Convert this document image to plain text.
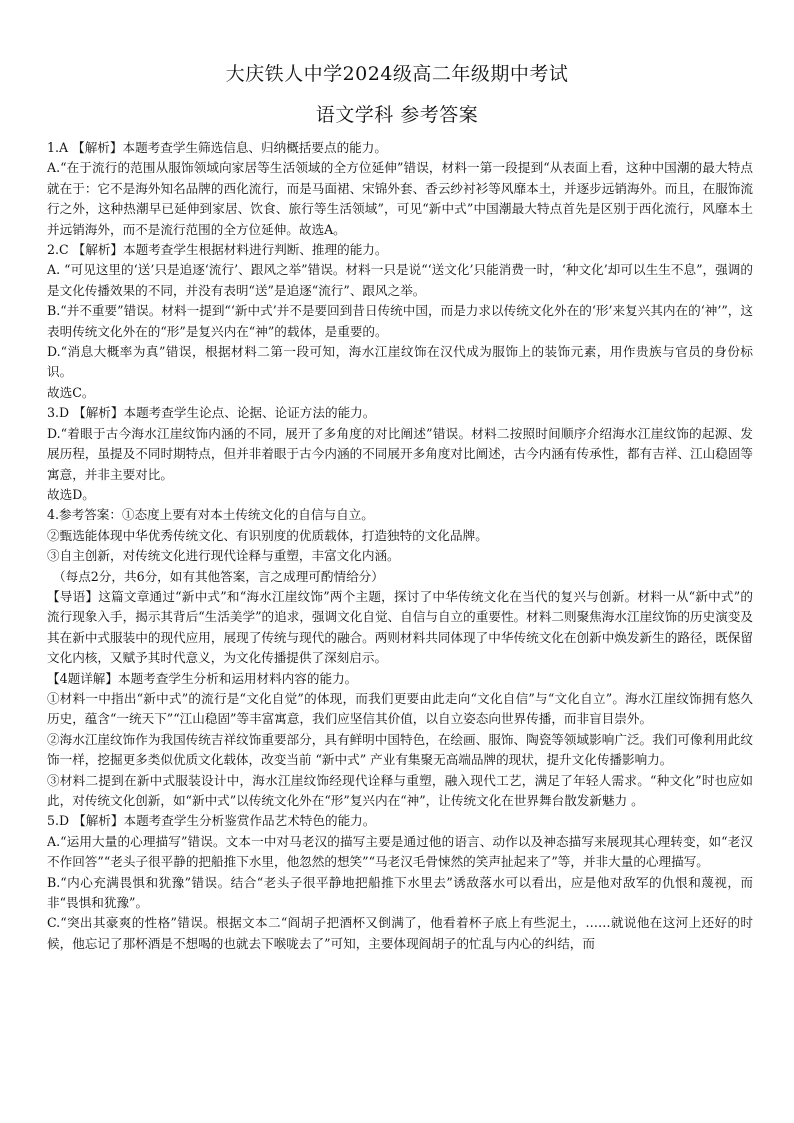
大庆铁人中学2024级高二年级期中考试
语文学科 参考答案

1.A 【解析】本题考查学生筛选信息、归纳概括要点的能力。

A.“在于流行的范围从服饰领域向家居等生活领域的全方位延伸”错误，材料一第一段提到“从表面上看，这种中国潮的最大特点就在于：它不是海外知名品牌的西化流行，而是马面裙、宋锦外套、香云纱衬衫等风靡本土，并逐步远销海外。而且，在服饰流行之外，这种热潮早已延伸到家居、饮食、旅行等生活领域”，可见“新中式”中国潮最大特点首先是区别于西化流行，风靡本土并远销海外，而不是流行范围的全方位延伸。故选A。

2.C 【解析】本题考查学生根据材料进行判断、推理的能力。

A. “可见这里的‘送’只是追逐‘流行’、跟风之举”错误。材料一只是说“‘送文化’只能消费一时，‘种文化’却可以生生不息”，强调的是文化传播效果的不同，并没有表明“送”是追逐“流行”、跟风之举。

B.“并不重要”错误。材料一提到“‘新中式’并不是要回到昔日传统中国，而是力求以传统文化外在的‘形’来复兴其内在的‘神’”，这表明传统文化外在的“形”是复兴内在“神”的载体，是重要的。

D.“消息大概率为真”错误，根据材料二第一段可知，海水江崖纹饰在汉代成为服饰上的装饰元素，用作贵族与官员的身份标识。

故选C。

3.D 【解析】本题考查学生论点、论据、论证方法的能力。

D.“着眼于古今海水江崖纹饰内涵的不同，展开了多角度的对比阐述”错误。材料二按照时间顺序介绍海水江崖纹饰的起源、发展历程，虽提及不同时期特点，但并非着眼于古今内涵的不同展开多角度对比阐述，古今内涵有传承性，都有吉祥、江山稳固等寓意，并非主要对比。

故选D。

4.参考答案：①态度上要有对本土传统文化的自信与自立。

②甄选能体现中华优秀传统文化、有识别度的优质载体，打造独特的文化品牌。

③自主创新，对传统文化进行现代诠释与重塑，丰富文化内涵。

（每点2分，共6分，如有其他答案，言之成理可酌情给分）

【导语】这篇文章通过“新中式”和“海水江崖纹饰”两个主题，探讨了中华传统文化在当代的复兴与创新。材料一从“新中式”的流行现象入手，揭示其背后“生活美学”的追求，强调文化自觉、自信与自立的重要性。材料二则聚焦海水江崖纹饰的历史演变及其在新中式服装中的现代应用，展现了传统与现代的融合。两则材料共同体现了中华传统文化在创新中焕发新生的路径，既保留文化内核，又赋予其时代意义，为文化传播提供了深刻启示。

【4题详解】本题考查学生分析和运用材料内容的能力。

①材料一中指出“新中式”的流行是“文化自觉”的体现，而我们更要由此走向“文化自信”与“文化自立”。海水江崖纹饰拥有悠久历史，蕴含“一统天下”“江山稳固”等丰富寓意，我们应坚信其价值，以自立姿态向世界传播，而非盲目崇外。

②海水江崖纹饰作为我国传统吉祥纹饰重要部分，具有鲜明中国特色，在绘画、服饰、陶瓷等领域影响广泛。我们可像利用此纹饰一样，挖掘更多类似优质文化载体，改变当前 “新中式” 产业有集聚无高端品牌的现状，提升文化传播影响力。

③材料二提到在新中式服装设计中，海水江崖纹饰经现代诠释与重塑，融入现代工艺，满足了年轻人需求。“种文化”时也应如此，对传统文化创新，如“新中式”以传统文化外在“形”复兴内在“神”，让传统文化在世界舞台散发新魅力 。

5.D 【解析】本题考查学生分析鉴赏作品艺术特色的能力。

A.“运用大量的心理描写”错误。文本一中对马老汉的描写主要是通过他的语言、动作以及神态描写来展现其心理转变，如“老汉不作回答”“老头子很平静的把船推下水里，他忽然的想笑”“马老汉毛骨悚然的笑声扯起来了”等，并非大量的心理描写。

B.“内心充满畏惧和犹豫”错误。结合“老头子很平静地把船推下水里去”诱敌落水可以看出，应是他对敌军的仇恨和蔑视，而非“畏惧和犹豫”。

C.“突出其豪爽的性格”错误。根据文本二“阎胡子把酒杯又倒满了，他看着杯子底上有些泥土，……就说他在这河上还好的时候，他忘记了那杯酒是不想喝的也就去下喉咙去了”可知，主要体现阎胡子的忙乱与内心的纠结，而
